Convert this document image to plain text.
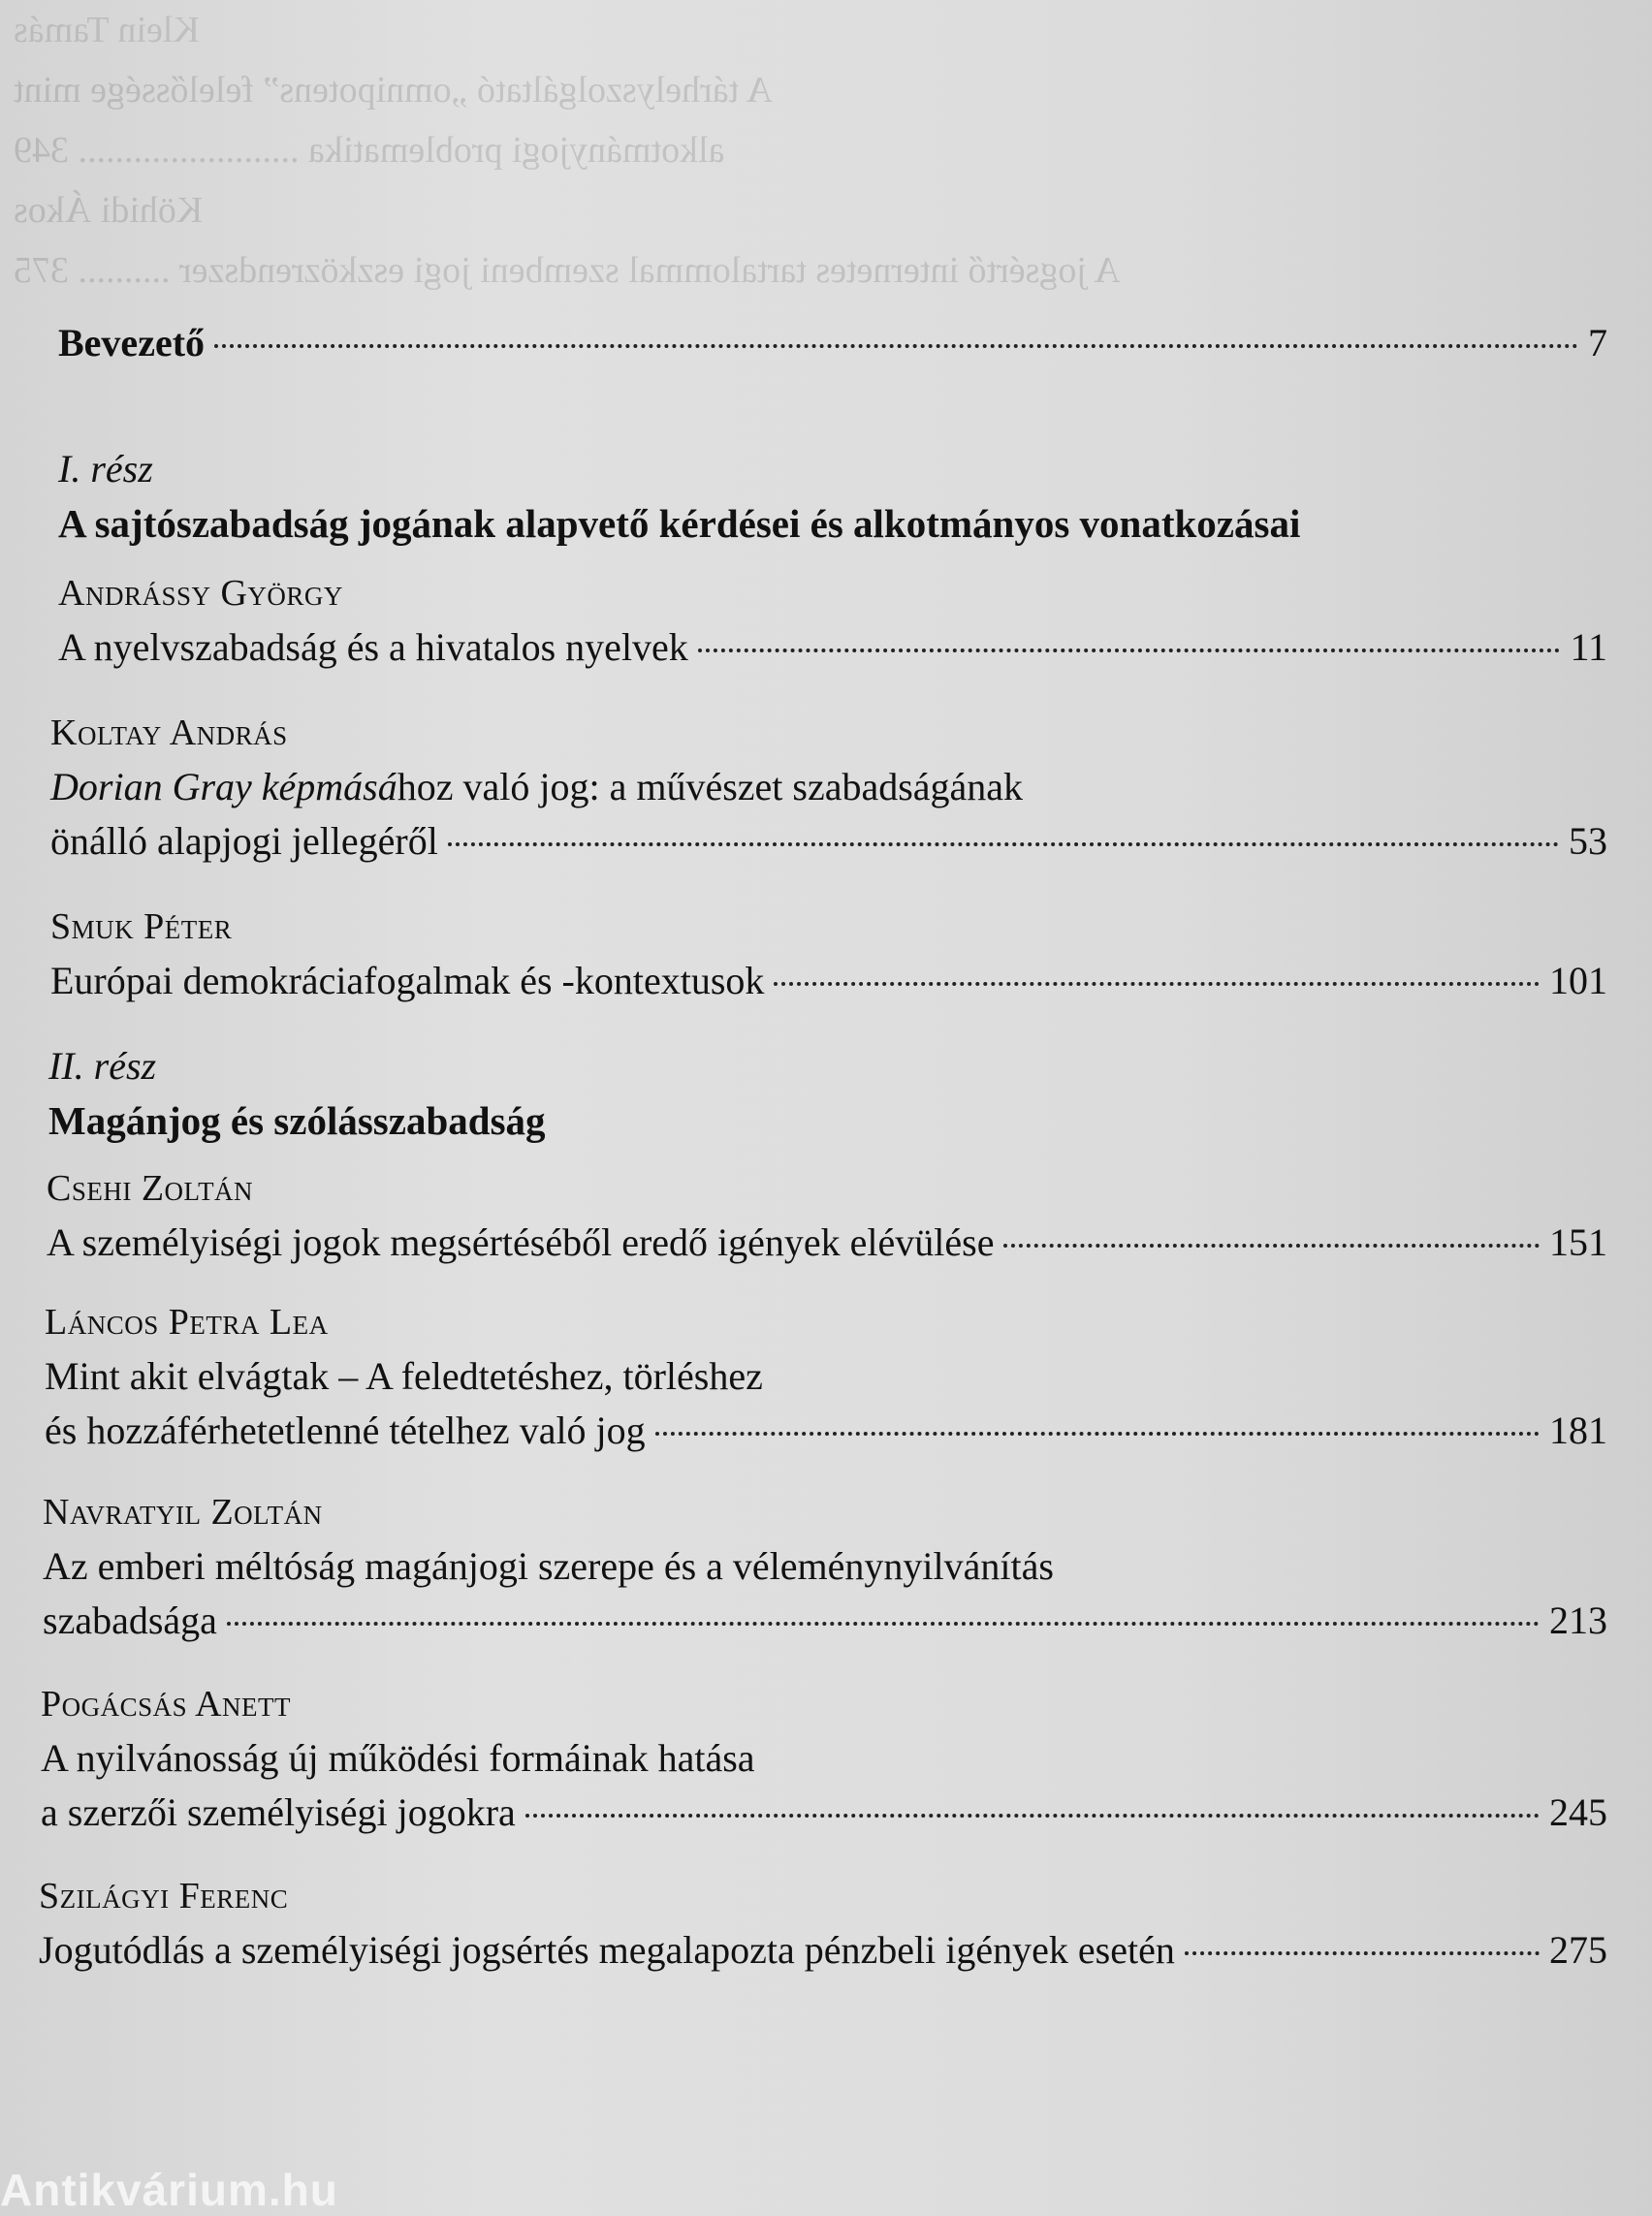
Klein Tamás
A tárhelyszolgáltató „omnipotens” felelőssége mint
alkotmányjogi problematika ........................ 349
Köhidi Ákos
A jogsértő internetes tartalommal szembeni jogi eszközrendszer .......... 375
Bevezető	7
I. rész
A sajtószabadság jogának alapvető kérdései és alkotmányos vonatkozásai
Andrássy György
A nyelvszabadság és a hivatalos nyelvek	11
Koltay András
Dorian Gray képmásához való jog: a művészet szabadságának
önálló alapjogi jellegéről	53
Smuk Péter
Európai demokráciafogalmak és -kontextusok	101
II. rész
Magánjog és szólásszabadság
Csehi Zoltán
A személyiségi jogok megsértéséből eredő igények elévülése	151
Láncos Petra Lea
Mint akit elvágtak – A feledtetéshez, törléshez
és hozzáférhetetlenné tételhez való jog	181
Navratyil Zoltán
Az emberi méltóság magánjogi szerepe és a véleménynyilvánítás
szabadsága	213
Pogácsás Anett
A nyilvánosság új működési formáinak hatása
a szerzői személyiségi jogokra	245
Szilágyi Ferenc
Jogutódlás a személyiségi jogsértés megalapozta pénzbeli igények esetén	275
Antikvárium.hu
